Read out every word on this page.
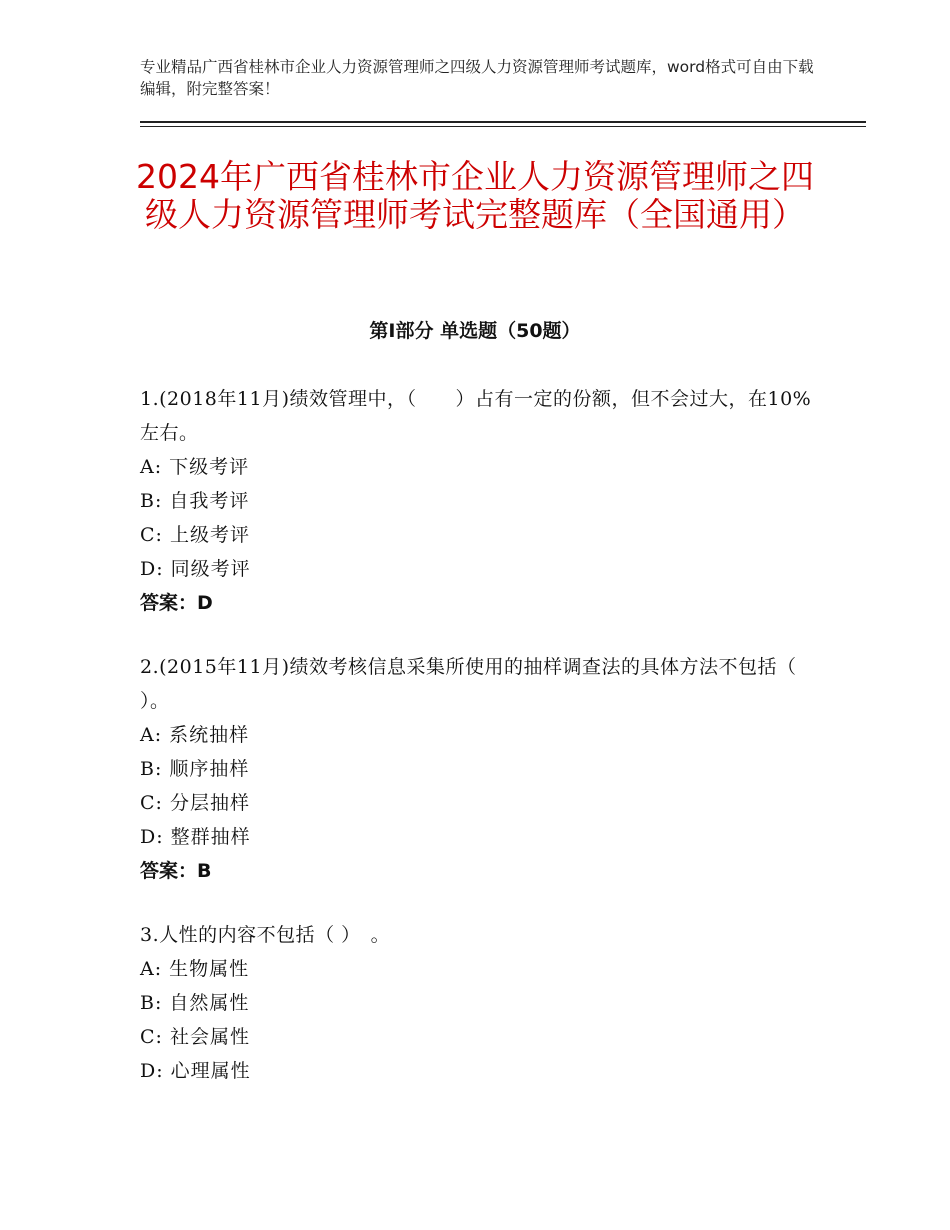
专业精品广西省桂林市企业人力资源管理师之四级人力资源管理师考试题库，word格式可自由下载编辑，附完整答案！
2024年广西省桂林市企业人力资源管理师之四级人力资源管理师考试完整题库（全国通用）
第Ⅰ部分 单选题（50题）

1.(2018年11月)绩效管理中，（　　）占有一定的份额，但不会过大，在10%左右。

A: 下级考评

B: 自我考评

C: 上级考评

D: 同级考评

答案：D

2.(2015年11月)绩效考核信息采集所使用的抽样调查法的具体方法不包括（ ）。

A: 系统抽样

B: 顺序抽样

C: 分层抽样

D: 整群抽样

答案：B

3.人性的内容不包括（ ）　。

A: 生物属性

B: 自然属性

C: 社会属性

D: 心理属性
